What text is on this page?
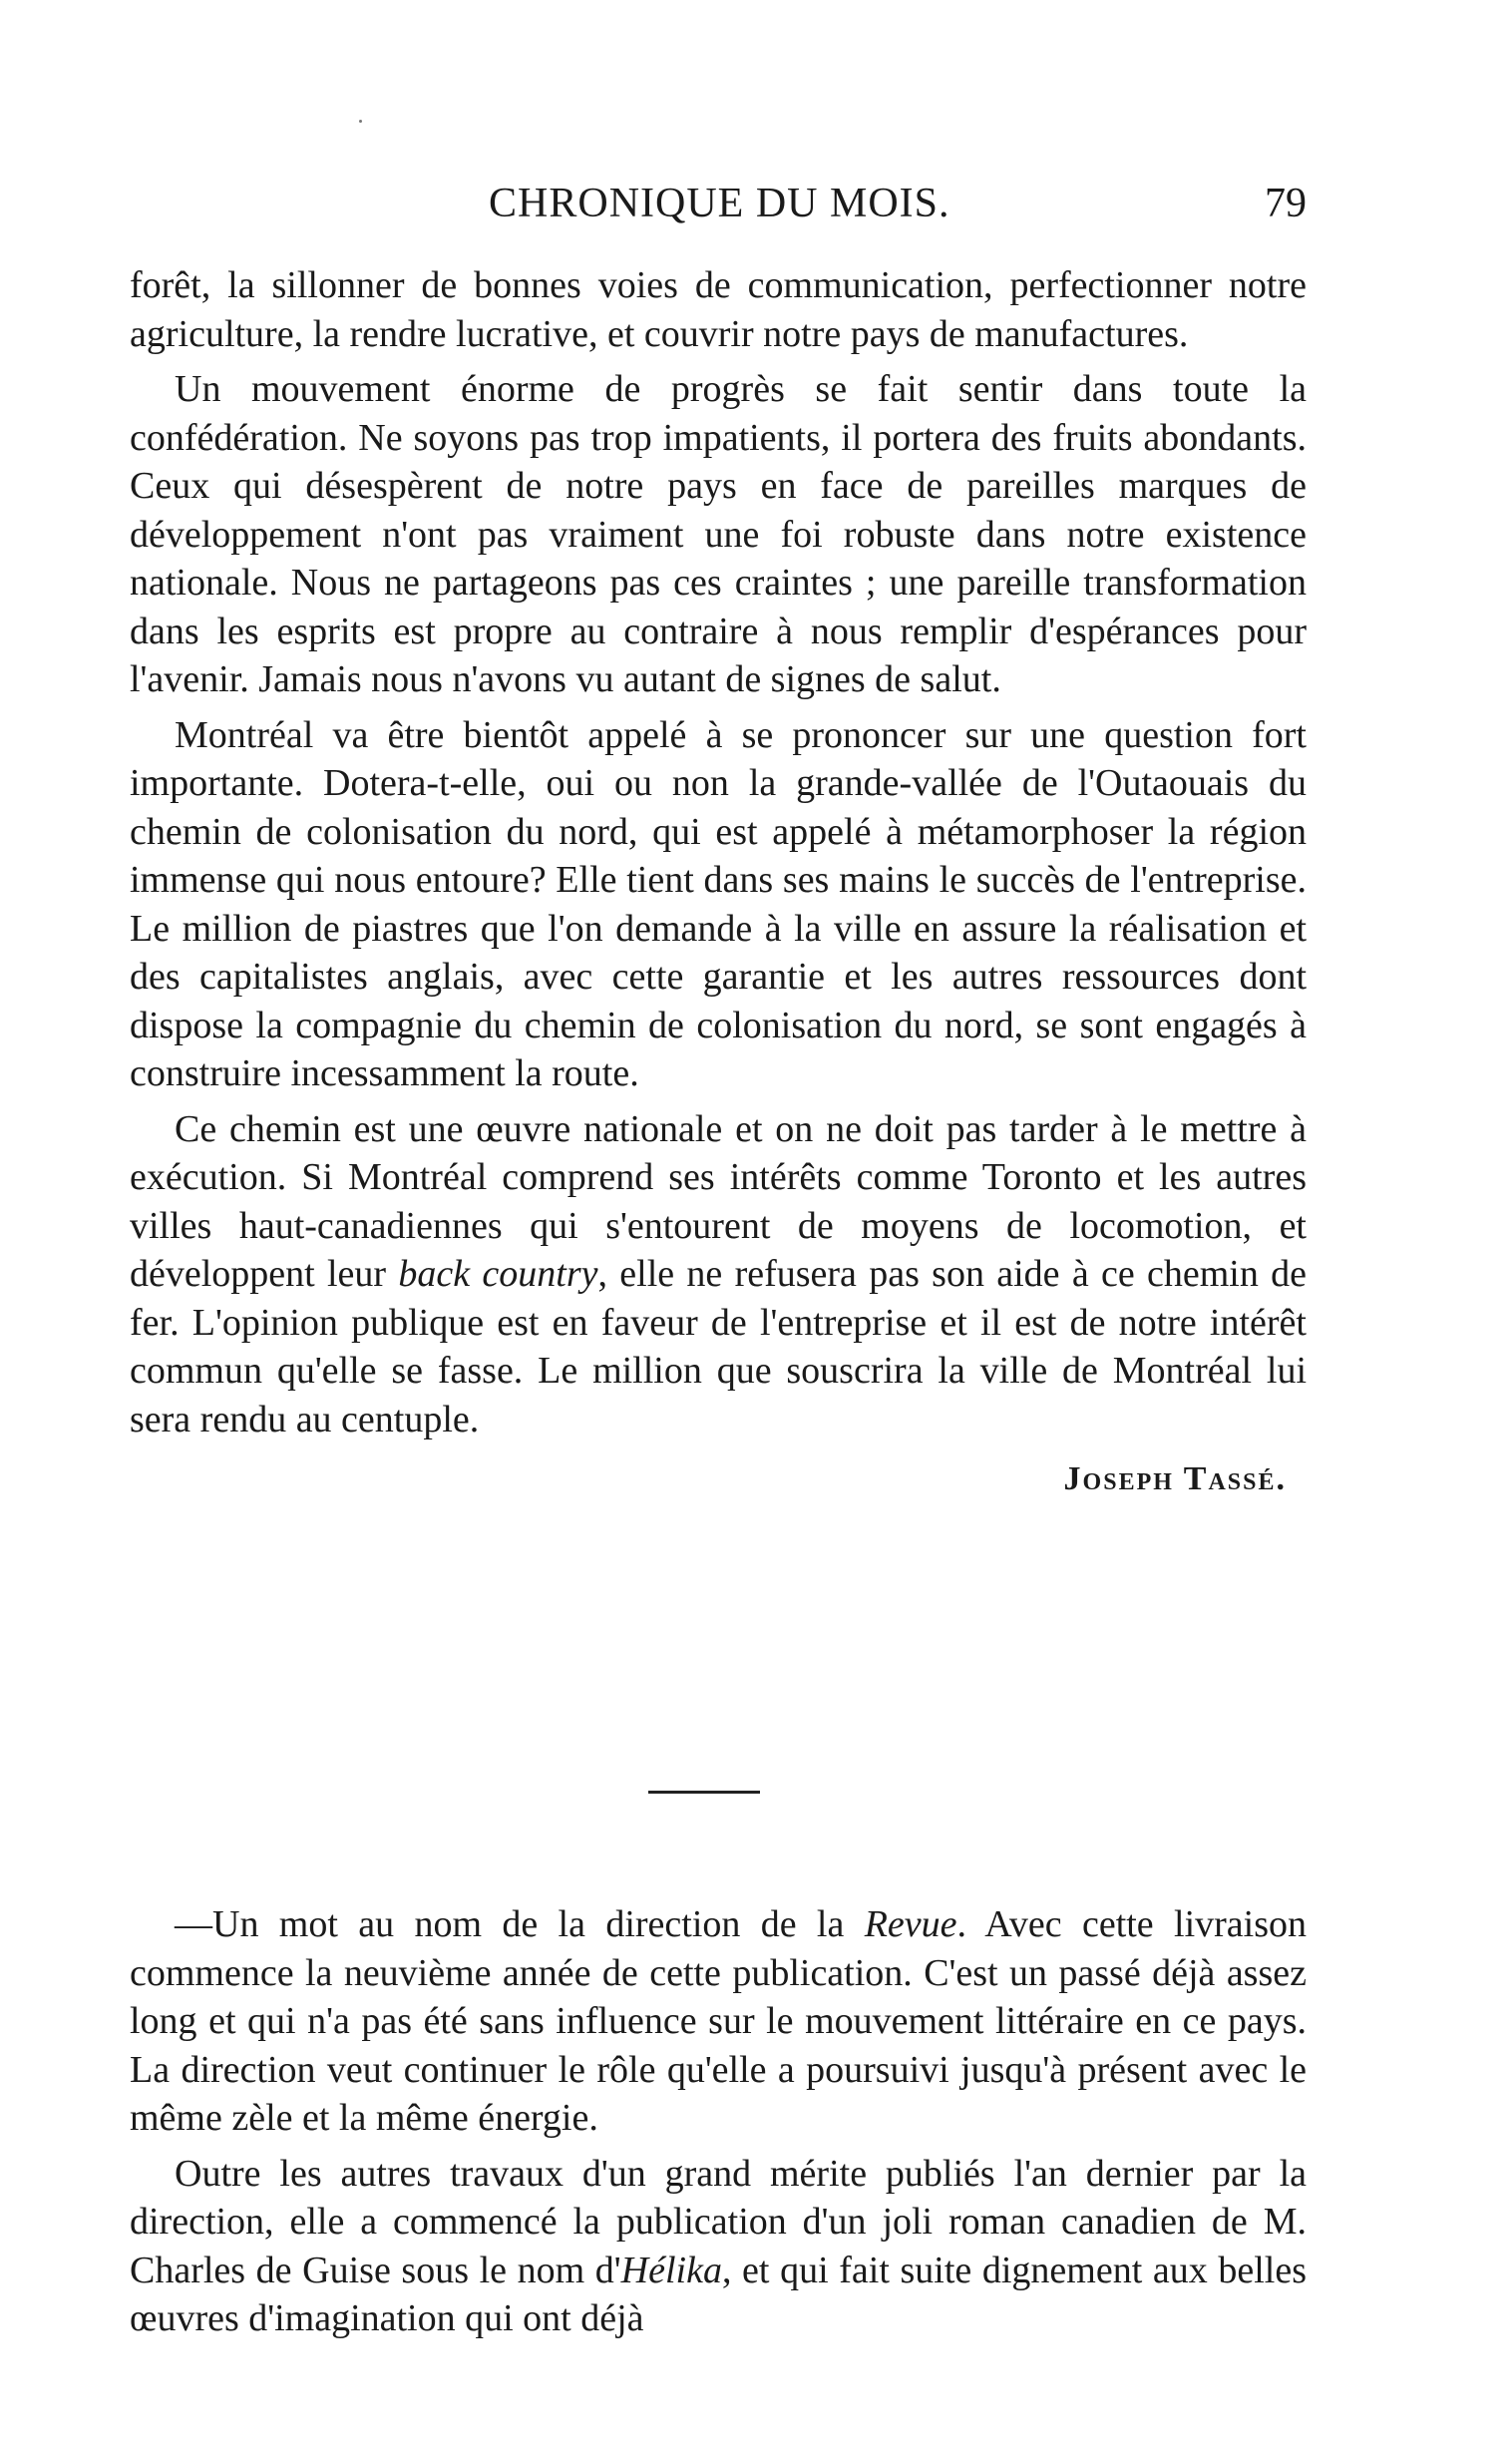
CHRONIQUE DU MOIS.	79

forêt, la sillonner de bonnes voies de communication, perfectionner notre agriculture, la rendre lucrative, et couvrir notre pays de manufactures.

Un mouvement énorme de progrès se fait sentir dans toute la confédération. Ne soyons pas trop impatients, il portera des fruits abondants. Ceux qui désespèrent de notre pays en face de pareilles marques de développement n'ont pas vraiment une foi robuste dans notre existence nationale. Nous ne partageons pas ces craintes ; une pareille transformation dans les esprits est propre au contraire à nous remplir d'espérances pour l'avenir. Jamais nous n'avons vu autant de signes de salut.

Montréal va être bientôt appelé à se prononcer sur une question fort importante. Dotera-t-elle, oui ou non la grande-vallée de l'Outaouais du chemin de colonisation du nord, qui est appelé à métamorphoser la région immense qui nous entoure? Elle tient dans ses mains le succès de l'entreprise. Le million de piastres que l'on demande à la ville en assure la réalisation et des capitalistes anglais, avec cette garantie et les autres ressources dont dispose la compagnie du chemin de colonisation du nord, se sont engagés à construire incessamment la route.

Ce chemin est une œuvre nationale et on ne doit pas tarder à le mettre à exécution. Si Montréal comprend ses intérêts comme Toronto et les autres villes haut-canadiennes qui s'entourent de moyens de locomotion, et développent leur back country, elle ne refusera pas son aide à ce chemin de fer. L'opinion publique est en faveur de l'entreprise et il est de notre intérêt commun qu'elle se fasse. Le million que souscrira la ville de Montréal lui sera rendu au centuple.

Joseph Tassé.

—Un mot au nom de la direction de la Revue. Avec cette livraison commence la neuvième année de cette publication. C'est un passé déjà assez long et qui n'a pas été sans influence sur le mouvement littéraire en ce pays. La direction veut continuer le rôle qu'elle a poursuivi jusqu'à présent avec le même zèle et la même énergie.

Outre les autres travaux d'un grand mérite publiés l'an dernier par la direction, elle a commencé la publication d'un joli roman canadien de M. Charles de Guise sous le nom d'Hélika, et qui fait suite dignement aux belles œuvres d'imagination qui ont déjà
